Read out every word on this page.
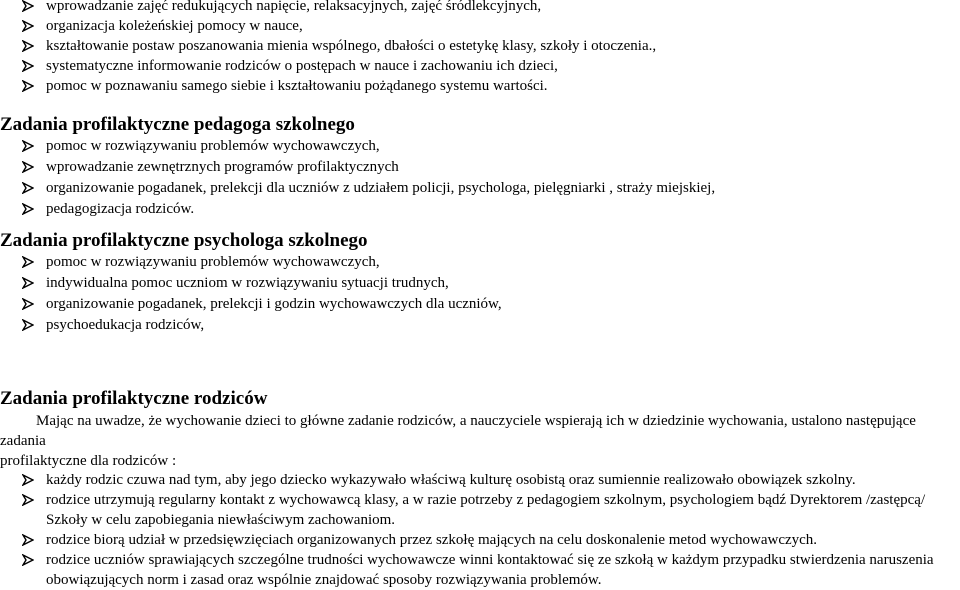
wprowadzanie zajęć redukujących napięcie, relaksacyjnych, zajęć śródlekcyjnych,
organizacja koleżeńskiej pomocy w nauce,
kształtowanie postaw poszanowania mienia wspólnego, dbałości o estetykę klasy, szkoły i otoczenia.,
systematyczne informowanie rodziców o postępach w nauce i zachowaniu ich dzieci,
pomoc w poznawaniu samego siebie i kształtowaniu pożądanego systemu wartości.
Zadania profilaktyczne pedagoga szkolnego
pomoc w rozwiązywaniu problemów wychowawczych,
wprowadzanie zewnętrznych programów profilaktycznych
organizowanie pogadanek, prelekcji dla uczniów z udziałem policji, psychologa, pielęgniarki , straży miejskiej,
pedagogizacja rodziców.
Zadania profilaktyczne psychologa szkolnego
pomoc w rozwiązywaniu problemów wychowawczych,
indywidualna pomoc uczniom w rozwiązywaniu sytuacji trudnych,
organizowanie pogadanek, prelekcji i godzin wychowawczych dla uczniów,
psychoedukacja rodziców,
Zadania profilaktyczne rodziców
Mając na uwadze, że wychowanie dzieci to główne zadanie rodziców, a nauczyciele wspierają ich w dziedzinie wychowania, ustalono następujące zadania
profilaktyczne dla rodziców :
każdy rodzic czuwa nad tym, aby jego dziecko wykazywało właściwą kulturę osobistą oraz sumiennie realizowało obowiązek szkolny.
rodzice utrzymują regularny kontakt z wychowawcą klasy, a w razie potrzeby z pedagogiem szkolnym, psychologiem bądź Dyrektorem /zastępcą/ Szkoły w celu zapobiegania niewłaściwym zachowaniom.
rodzice biorą udział w przedsięwzięciach organizowanych przez szkołę mających na celu doskonalenie metod wychowawczych.
rodzice uczniów sprawiających szczególne trudności wychowawcze winni kontaktować się ze szkołą w każdym przypadku stwierdzenia naruszenia obowiązujących norm i zasad oraz wspólnie znajdować sposoby rozwiązywania problemów.
